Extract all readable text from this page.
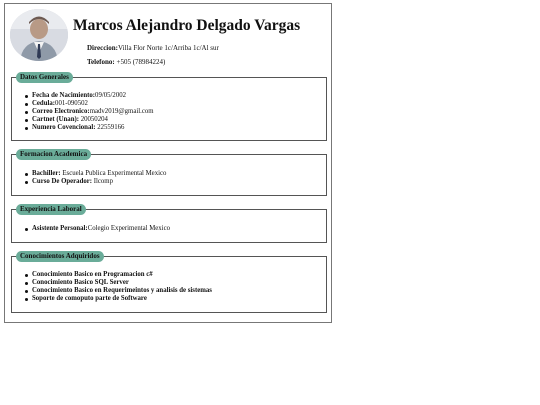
Marcos Alejandro Delgado Vargas
Direccion:Villa Flor Norte 1c/Arriba 1c/Al sur
Telefono: +505 (78984224)
Datos Generales
Fecha de Nacimiento:09/05/2002
Cedula:001-090502
Correo Electronico:madv2019@gmail.com
Cartnet (Unan): 20050204
Numero Covencional: 22559166
Formacion Academica
Bachiller: Escuela Publica Experimental Mexico
Curso De Operador: Ilcomp
Experiencia Laboral
Asistente Personal:Colegio Experimental Mexico
Conocimientos Adquiridos
Conocimiento Basico en Programacion c#
Conocimiento Basico SQL Server
Conocimiento Basico en Requerimeintos y analisis de sistemas
Soporte de comoputo parte de Software
